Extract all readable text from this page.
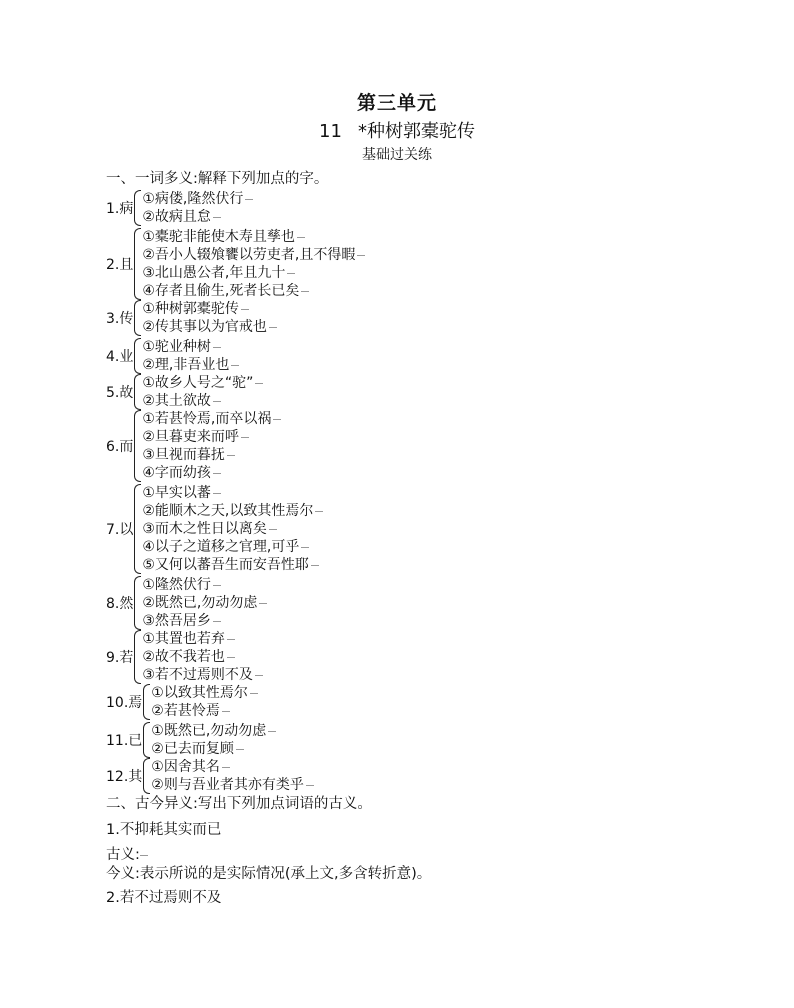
第三单元
11 *种树郭橐驼传
基础过关练
一、一词多义:解释下列加点的字。
1.病
①病偻,隆然伏行
②故病且怠
2.且
①橐驼非能使木寿且孳也
②吾小人辍飧饔以劳吏者,且不得暇
③北山愚公者,年且九十
④存者且偷生,死者长已矣
3.传
①种树郭橐驼传
②传其事以为官戒也
4.业
①驼业种树
②理,非吾业也
5.故
①故乡人号之“驼”
②其土欲故
6.而
①若甚怜焉,而卒以祸
②旦暮吏来而呼
③旦视而暮抚
④字而幼孩
7.以
①早实以蕃
②能顺木之天,以致其性焉尔
③而木之性日以离矣
④以子之道移之官理,可乎
⑤又何以蕃吾生而安吾性耶
8.然
①隆然伏行
②既然已,勿动勿虑
③然吾居乡
9.若
①其置也若弃
②故不我若也
③若不过焉则不及
10.焉
①以致其性焉尔
②若甚怜焉
11.已
①既然已,勿动勿虑
②已去而复顾
12.其
①因舍其名
②则与吾业者其亦有类乎
二、古今异义:写出下列加点词语的古义。
1.不抑耗其实而已
古义:
今义:表示所说的是实际情况(承上文,多含转折意)。
2.若不过焉则不及
